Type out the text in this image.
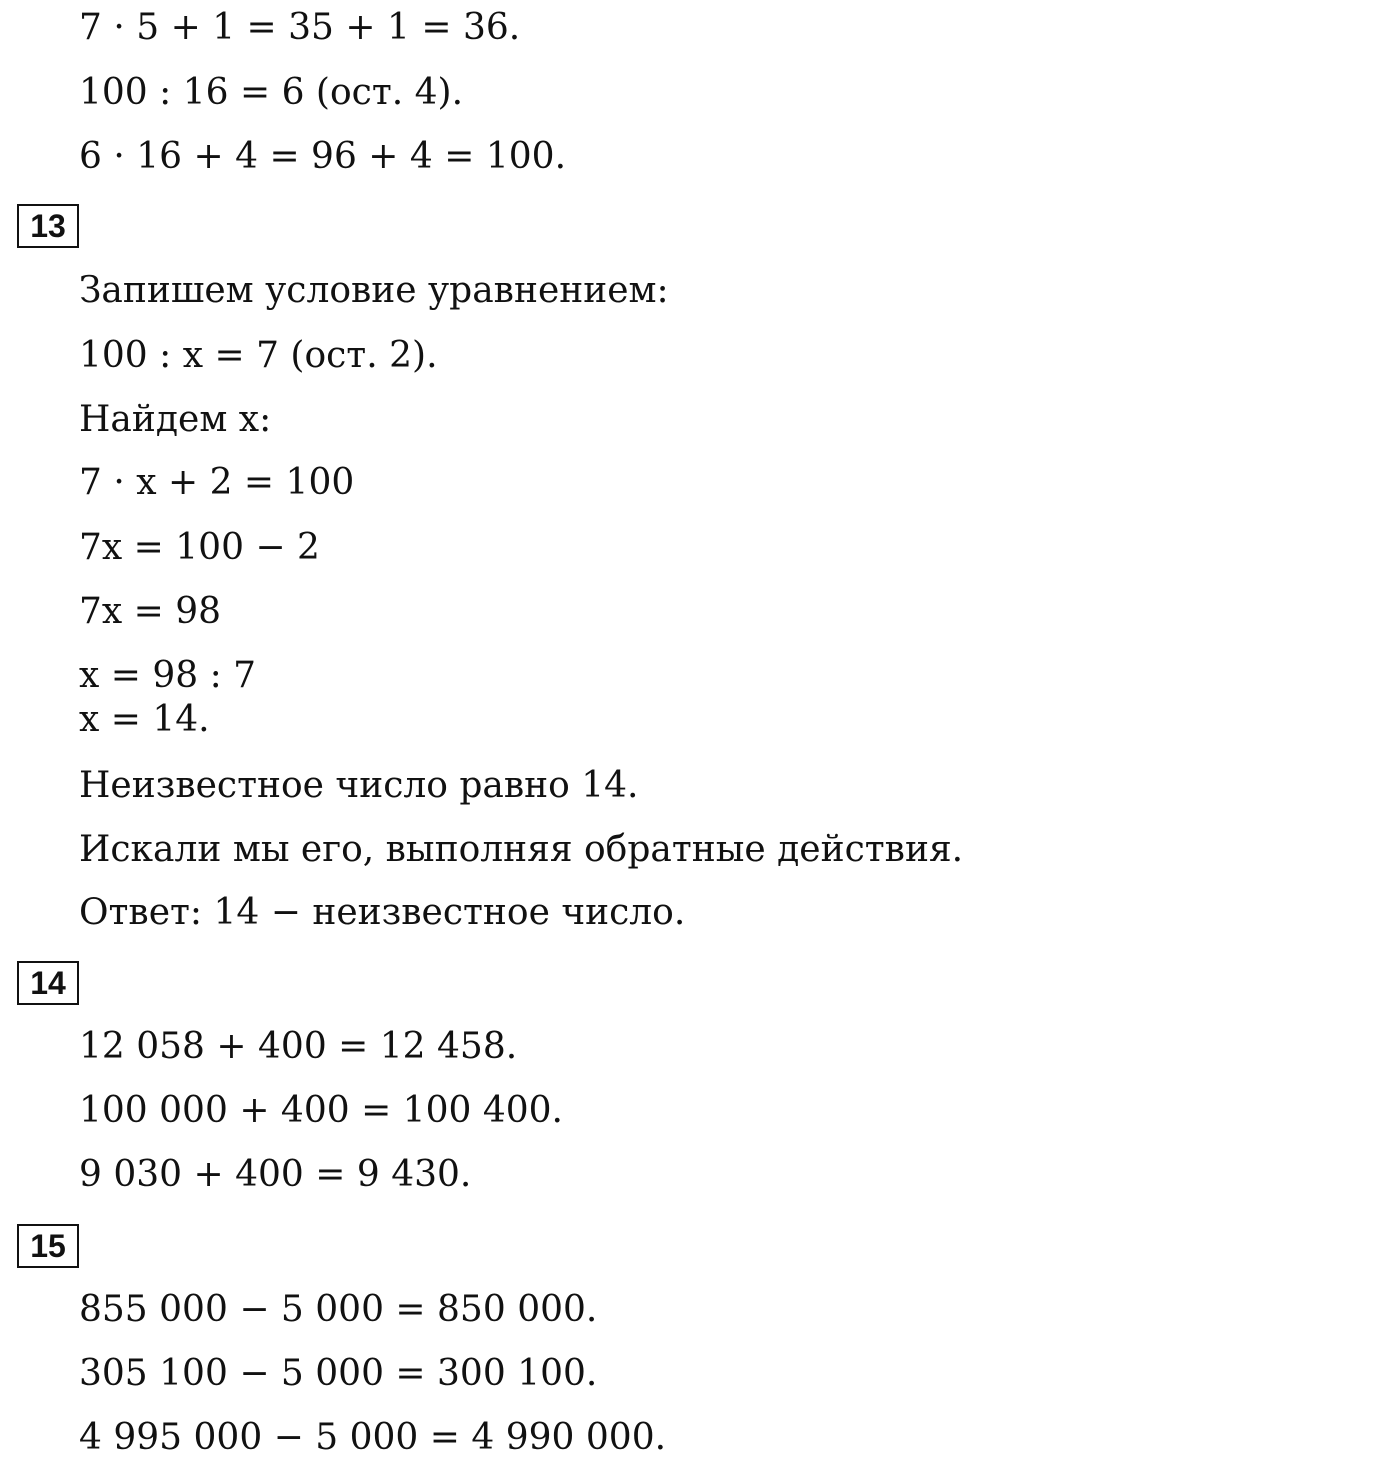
7 · 5 + 1 = 35 + 1 = 36.
100 : 16 = 6 (ост. 4).
6 · 16 + 4 = 96 + 4 = 100.
13
Запишем условие уравнением:
100 : x = 7 (ост. 2).
Найдем x:
7 · x + 2 = 100
7x = 100 − 2
7x = 98
x = 98 : 7
x = 14.
Неизвестное число равно 14.
Искали мы его, выполняя обратные действия.
Ответ: 14 − неизвестное число.
14
12 058 + 400 = 12 458.
100 000 + 400 = 100 400.
9 030 + 400 = 9 430.
15
855 000 − 5 000 = 850 000.
305 100 − 5 000 = 300 100.
4 995 000 − 5 000 = 4 990 000.
